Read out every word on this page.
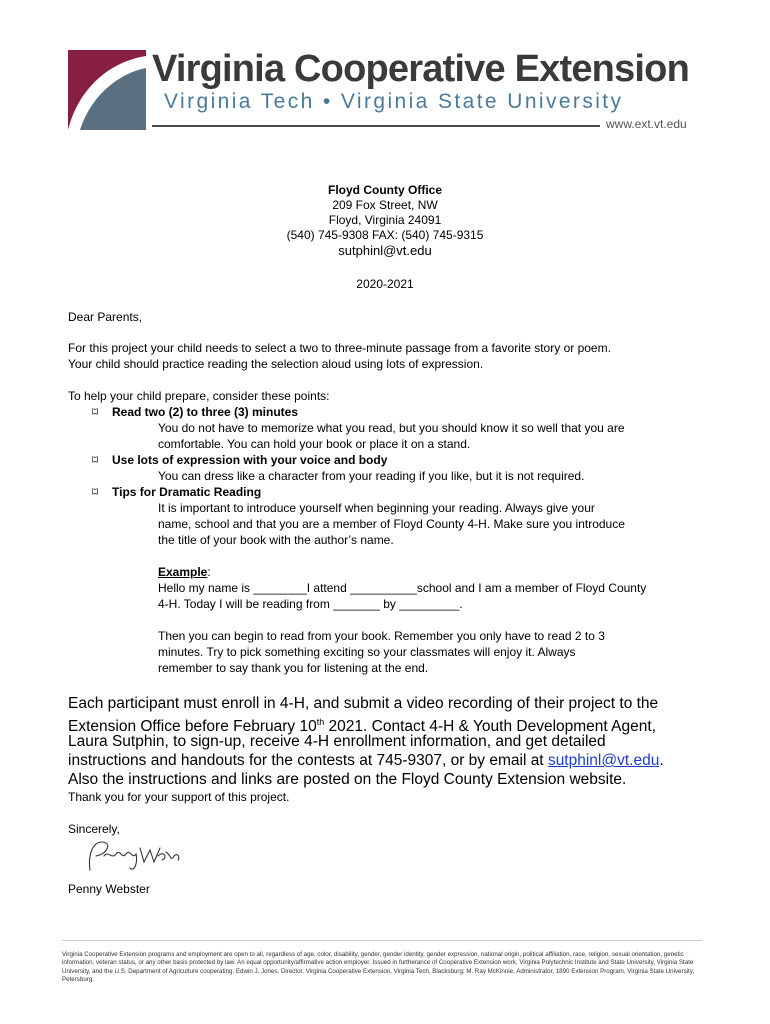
Virginia Cooperative Extension
Virginia Tech • Virginia State University
www.ext.vt.edu
Floyd County Office
209 Fox Street, NW
Floyd, Virginia 24091
(540) 745-9308 FAX: (540) 745-9315
sutphinl@vt.edu
2020-2021
Dear Parents,
For this project your child needs to select a two to three-minute passage from a favorite story or poem.
Your child should practice reading the selection aloud using lots of expression.
To help your child prepare, consider these points:
⌑ Read two (2) to three (3) minutes
You do not have to memorize what you read, but you should know it so well that you are
comfortable. You can hold your book or place it on a stand.
⌑ Use lots of expression with your voice and body
You can dress like a character from your reading if you like, but it is not required.
⌑ Tips for Dramatic Reading
It is important to introduce yourself when beginning your reading. Always give your
name, school and that you are a member of Floyd County 4-H. Make sure you introduce
the title of your book with the author’s name.
Example:
Hello my name is ________I attend __________school and I am a member of Floyd County
4-H. Today I will be reading from _______ by _________.
Then you can begin to read from your book. Remember you only have to read 2 to 3
minutes. Try to pick something exciting so your classmates will enjoy it. Always
remember to say thank you for listening at the end.
Each participant must enroll in 4-H, and submit a video recording of their project to the
Extension Office before February 10th 2021. Contact 4-H & Youth Development Agent,
Laura Sutphin, to sign-up, receive 4-H enrollment information, and get detailed
instructions and handouts for the contests at 745-9307, or by email at sutphinl@vt.edu.
Also the instructions and links are posted on the Floyd County Extension website.
Thank you for your support of this project.
Sincerely,
Penny Webster
Virginia Cooperative Extension programs and employment are open to all, regardless of age, color, disability, gender, gender identity, gender expression, national origin, political affiliation, race, religion, sexual orientation, genetic information, veteran status, or any other basis protected by law. An equal opportunity/affirmative action employer. Issued in furtherance of Cooperative Extension work, Virginia Polytechnic Institute and State University, Virginia State University, and the U.S. Department of Agriculture cooperating. Edwin J. Jones, Director, Virginia Cooperative Extension, Virginia Tech, Blacksburg; M. Ray McKinnie, Administrator, 1890 Extension Program, Virginia State University, Petersburg.
